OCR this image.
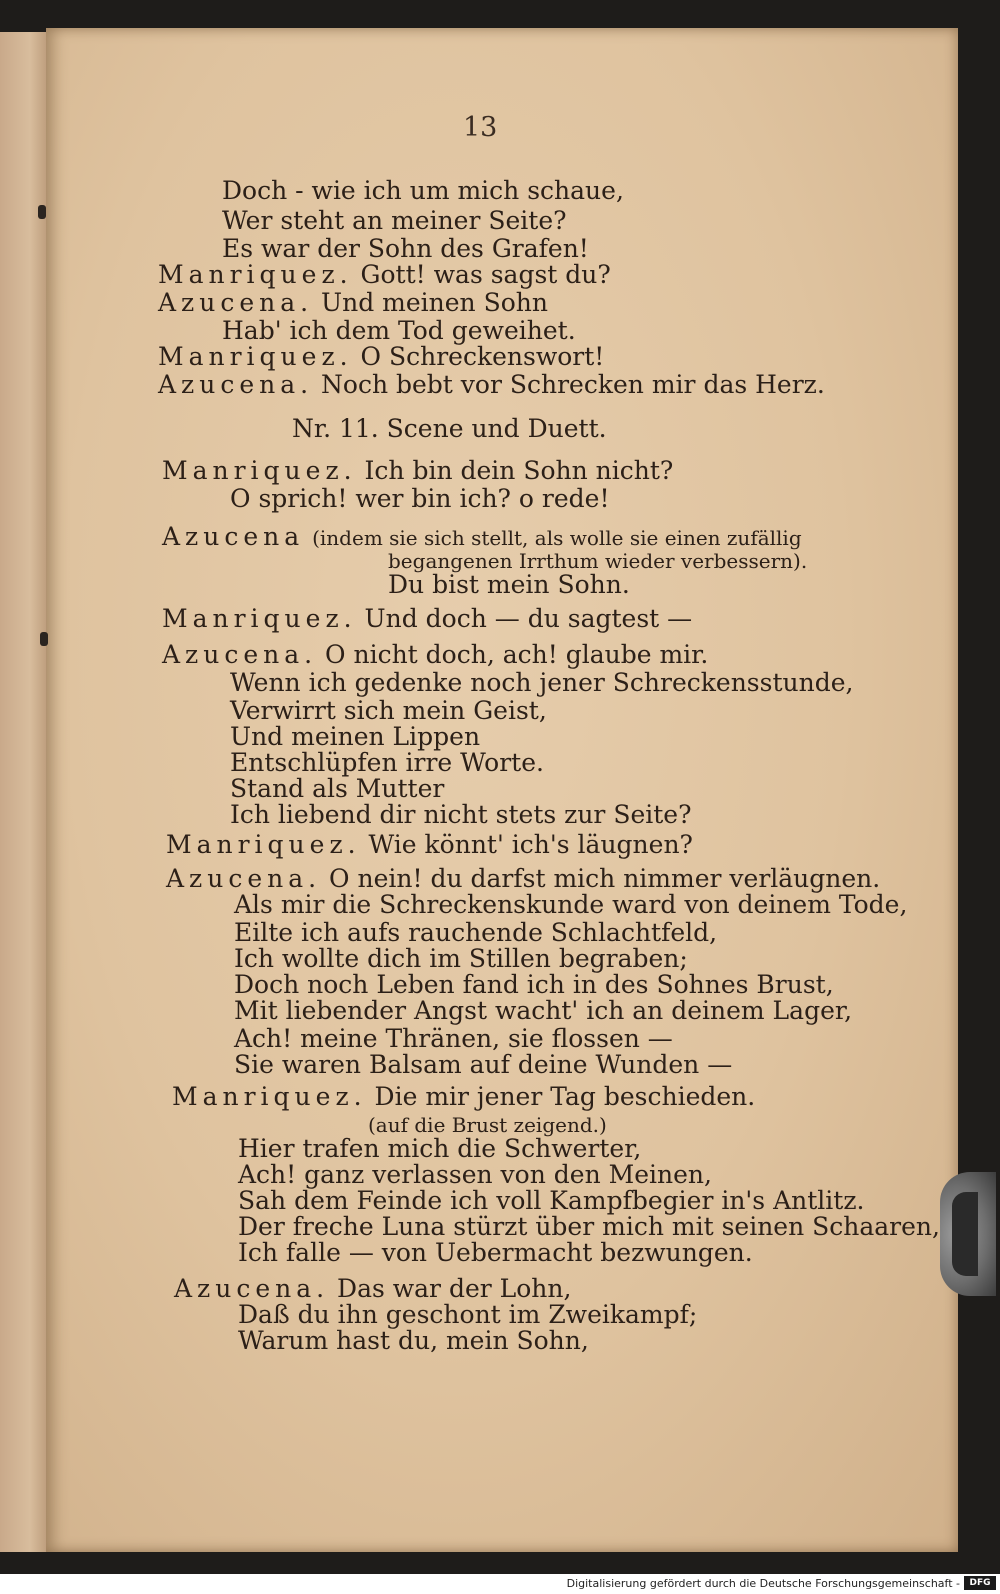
13

Doch - wie ich um mich schaue,

Wer steht an meiner Seite?

Es war der Sohn des Grafen!

Manriquez. Gott! was sagst du?

Azucena. Und meinen Sohn

Hab' ich dem Tod geweihet.

Manriquez. O Schreckenswort!

Azucena. Noch bebt vor Schrecken mir das Herz.

Nr. 11. Scene und Duett.

Manriquez. Ich bin dein Sohn nicht?

O sprich! wer bin ich? o rede!

Azucena (indem sie sich stellt, als wolle sie einen zufällig

begangenen Irrthum wieder verbessern).

Du bist mein Sohn.

Manriquez. Und doch — du sagtest —

Azucena. O nicht doch, ach! glaube mir.

Wenn ich gedenke noch jener Schreckensstunde,

Verwirrt sich mein Geist,

Und meinen Lippen

Entschlüpfen irre Worte.

Stand als Mutter

Ich liebend dir nicht stets zur Seite?

Manriquez. Wie könnt' ich's läugnen?

Azucena. O nein! du darfst mich nimmer verläugnen.

Als mir die Schreckenskunde ward von deinem Tode,

Eilte ich aufs rauchende Schlachtfeld,

Ich wollte dich im Stillen begraben;

Doch noch Leben fand ich in des Sohnes Brust,

Mit liebender Angst wacht' ich an deinem Lager,

Ach! meine Thränen, sie flossen —

Sie waren Balsam auf deine Wunden —

Manriquez. Die mir jener Tag beschieden.

(auf die Brust zeigend.)

Hier trafen mich die Schwerter,

Ach! ganz verlassen von den Meinen,

Sah dem Feinde ich voll Kampfbegier in's Antlitz.

Der freche Luna stürzt über mich mit seinen Schaaren,

Ich falle — von Uebermacht bezwungen.

Azucena. Das war der Lohn,

Daß du ihn geschont im Zweikampf;

Warum hast du, mein Sohn,

Digitalisierung gefördert durch die Deutsche Forschungsgemeinschaft -	DFG
